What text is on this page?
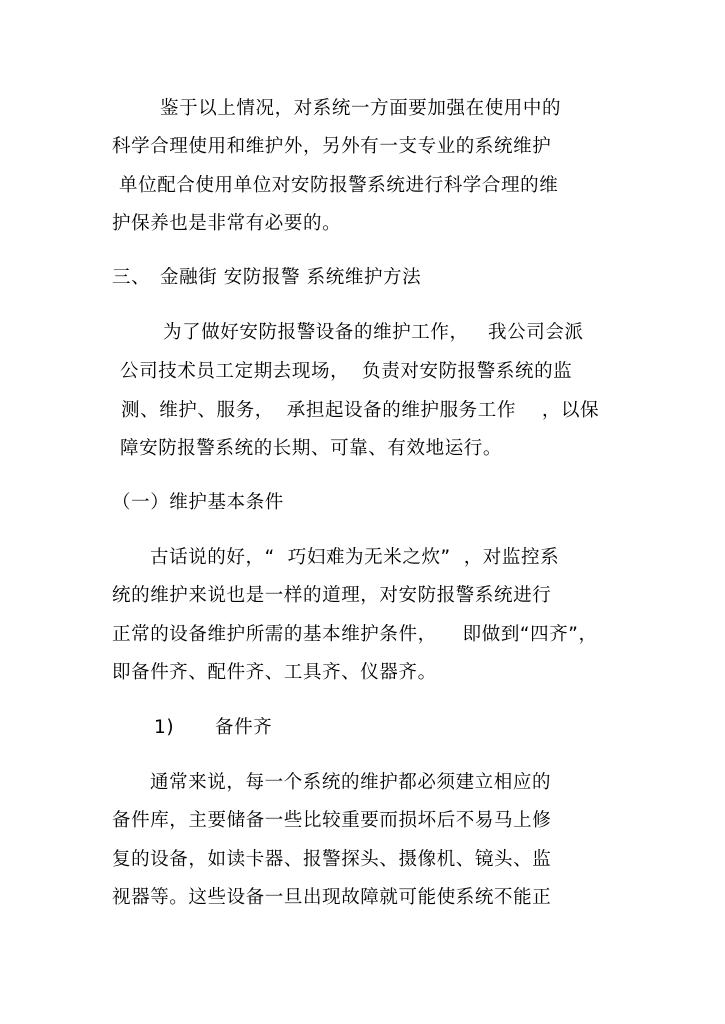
鉴于以上情况，对系统一方面要加强在使用中的

科学合理使用和维护外，另外有一支专业的系统维护

单位配合使用单位对安防报警系统进行科学合理的维

护保养也是非常有必要的。

三、 金融街 安防报警 系统维护方法

为了做好安防报警设备的维护工作，   我公司会派

公司技术员工定期去现场，  负责对安防报警系统的监

测、维护、服务，  承担起设备的维护服务工作    ，以保

障安防报警系统的长期、可靠、有效地运行。

（一）维护基本条件

古话说的好，“  巧妇难为无米之炊”  ，对监控系

统的维护来说也是一样的道理，对安防报警系统进行

正常的设备维护所需的基本维护条件，    即做到“四齐”，

即备件齐、配件齐、工具齐、仪器齐。

1) 备件齐

通常来说，每一个系统的维护都必须建立相应的

备件库，主要储备一些比较重要而损坏后不易马上修

复的设备，如读卡器、报警探头、摄像机、镜头、监

视器等。这些设备一旦出现故障就可能使系统不能正
